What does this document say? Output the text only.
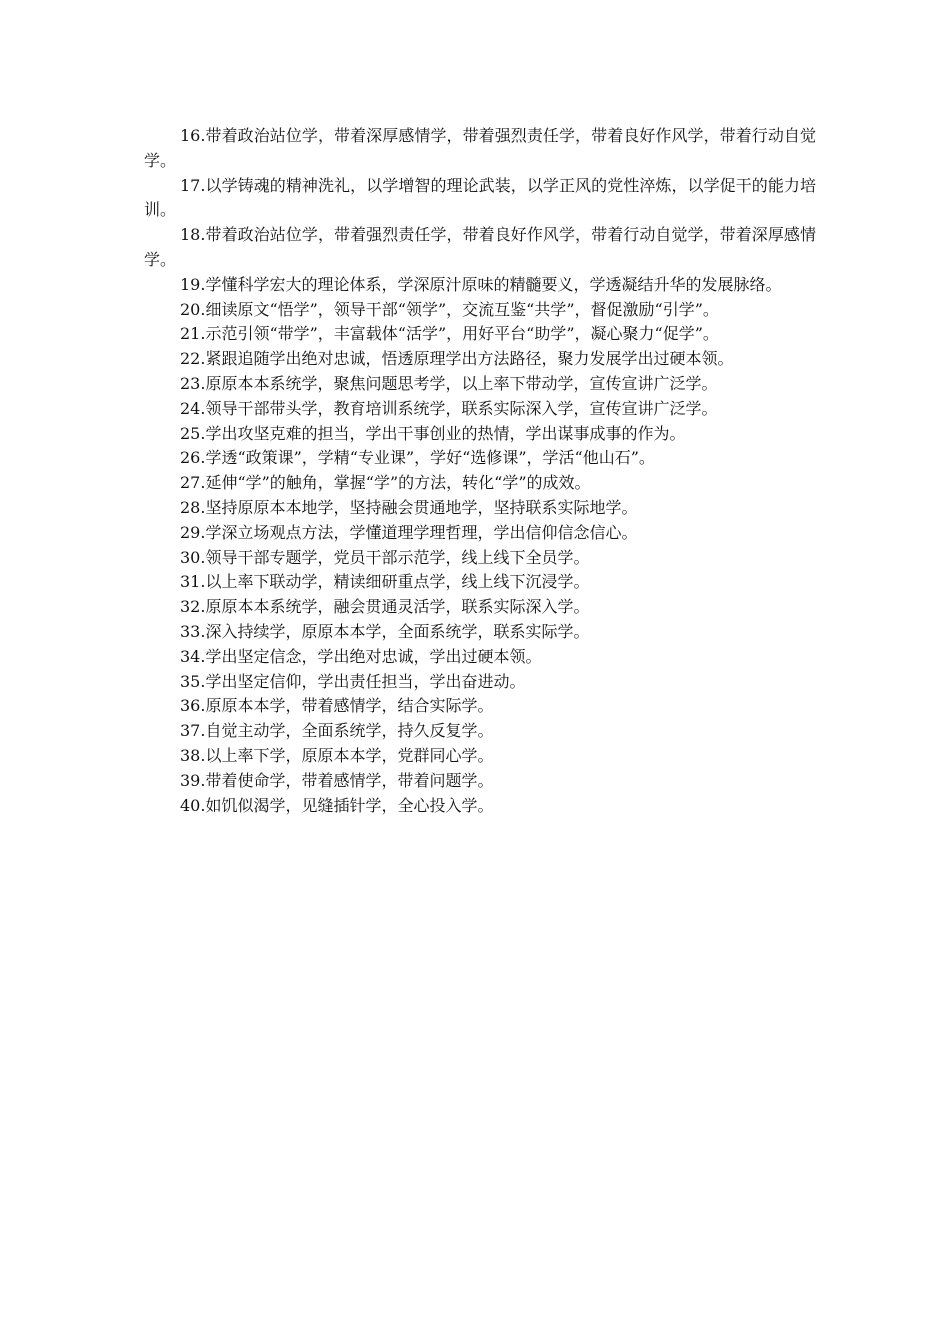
16.带着政治站位学，带着深厚感情学，带着强烈责任学，带着良好作风学，带着行动自觉学。

17.以学铸魂的精神洗礼，以学增智的理论武装，以学正风的党性淬炼，以学促干的能力培训。

18.带着政治站位学，带着强烈责任学，带着良好作风学，带着行动自觉学，带着深厚感情学。

19.学懂科学宏大的理论体系，学深原汁原味的精髓要义，学透凝结升华的发展脉络。

20.细读原文“悟学”，领导干部“领学”，交流互鉴“共学”，督促激励“引学”。

21.示范引领“带学”，丰富载体“活学”，用好平台“助学”，凝心聚力“促学”。

22.紧跟追随学出绝对忠诚，悟透原理学出方法路径，聚力发展学出过硬本领。

23.原原本本系统学，聚焦问题思考学，以上率下带动学，宣传宣讲广泛学。

24.领导干部带头学，教育培训系统学，联系实际深入学，宣传宣讲广泛学。

25.学出攻坚克难的担当，学出干事创业的热情，学出谋事成事的作为。

26.学透“政策课”，学精“专业课”，学好“选修课”，学活“他山石”。

27.延伸“学”的触角，掌握“学”的方法，转化“学”的成效。

28.坚持原原本本地学，坚持融会贯通地学，坚持联系实际地学。

29.学深立场观点方法，学懂道理学理哲理，学出信仰信念信心。

30.领导干部专题学，党员干部示范学，线上线下全员学。

31.以上率下联动学，精读细研重点学，线上线下沉浸学。

32.原原本本系统学，融会贯通灵活学，联系实际深入学。

33.深入持续学，原原本本学，全面系统学，联系实际学。

34.学出坚定信念，学出绝对忠诚，学出过硬本领。

35.学出坚定信仰，学出责任担当，学出奋进动。

36.原原本本学，带着感情学，结合实际学。

37.自觉主动学，全面系统学，持久反复学。

38.以上率下学，原原本本学，党群同心学。

39.带着使命学，带着感情学，带着问题学。

40.如饥似渴学，见缝插针学，全心投入学。
